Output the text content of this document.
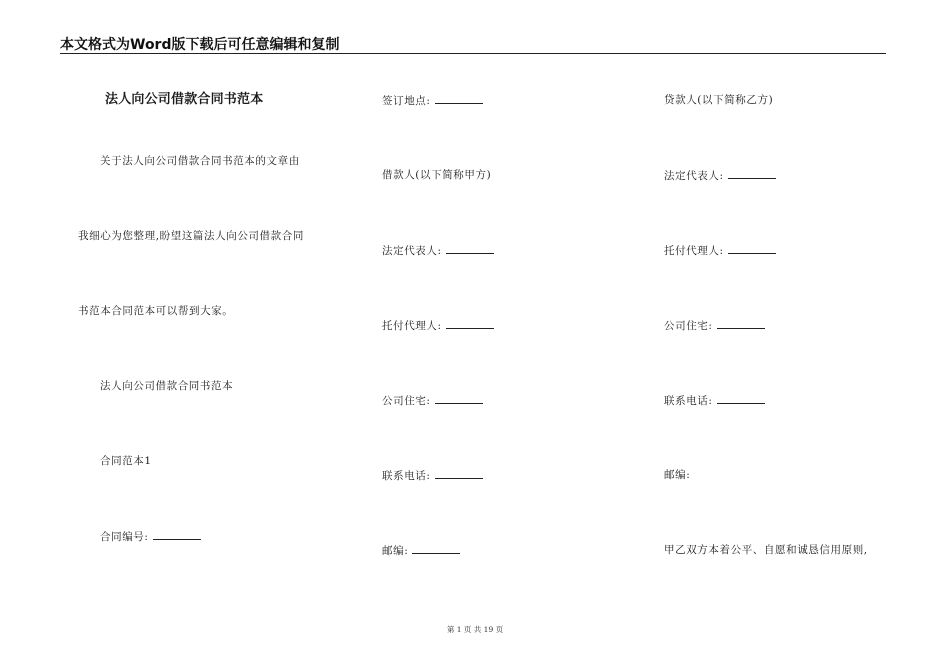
本文格式为Word版下载后可任意编辑和复制
法人向公司借款合同书范本
关于法人向公司借款合同书范本的文章由
我细心为您整理,盼望这篇法人向公司借款合同
书范本合同范本可以帮到大家。
法人向公司借款合同书范本
合同范本1
合同编号:
签订地点:
借款人(以下简称甲方)
法定代表人:
托付代理人:
公司住宅:
联系电话:
邮编:
贷款人(以下简称乙方)
法定代表人:
托付代理人:
公司住宅:
联系电话:
邮编:
甲乙双方本着公平、自愿和诚恳信用原则,
第 1 页 共 19 页
